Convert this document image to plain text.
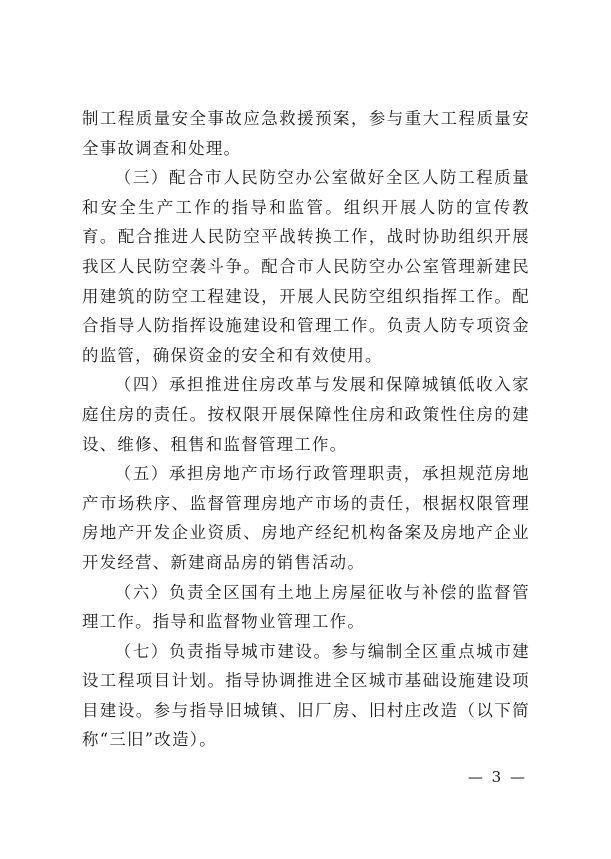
制工程质量安全事故应急救援预案，参与重大工程质量安全事故调查和处理。

（三）配合市人民防空办公室做好全区人防工程质量和安全生产工作的指导和监管。组织开展人防的宣传教育。配合推进人民防空平战转换工作，战时协助组织开展我区人民防空袭斗争。配合市人民防空办公室管理新建民用建筑的防空工程建设，开展人民防空组织指挥工作。配合指导人防指挥设施建设和管理工作。负责人防专项资金的监管，确保资金的安全和有效使用。

（四）承担推进住房改革与发展和保障城镇低收入家庭住房的责任。按权限开展保障性住房和政策性住房的建设、维修、租售和监督管理工作。

（五）承担房地产市场行政管理职责，承担规范房地产市场秩序、监督管理房地产市场的责任，根据权限管理房地产开发企业资质、房地产经纪机构备案及房地产企业开发经营、新建商品房的销售活动。

（六）负责全区国有土地上房屋征收与补偿的监督管理工作。指导和监督物业管理工作。

（七）负责指导城市建设。参与编制全区重点城市建设工程项目计划。指导协调推进全区城市基础设施建设项目建设。参与指导旧城镇、旧厂房、旧村庄改造（以下简称“三旧”改造）。

— 3 —
